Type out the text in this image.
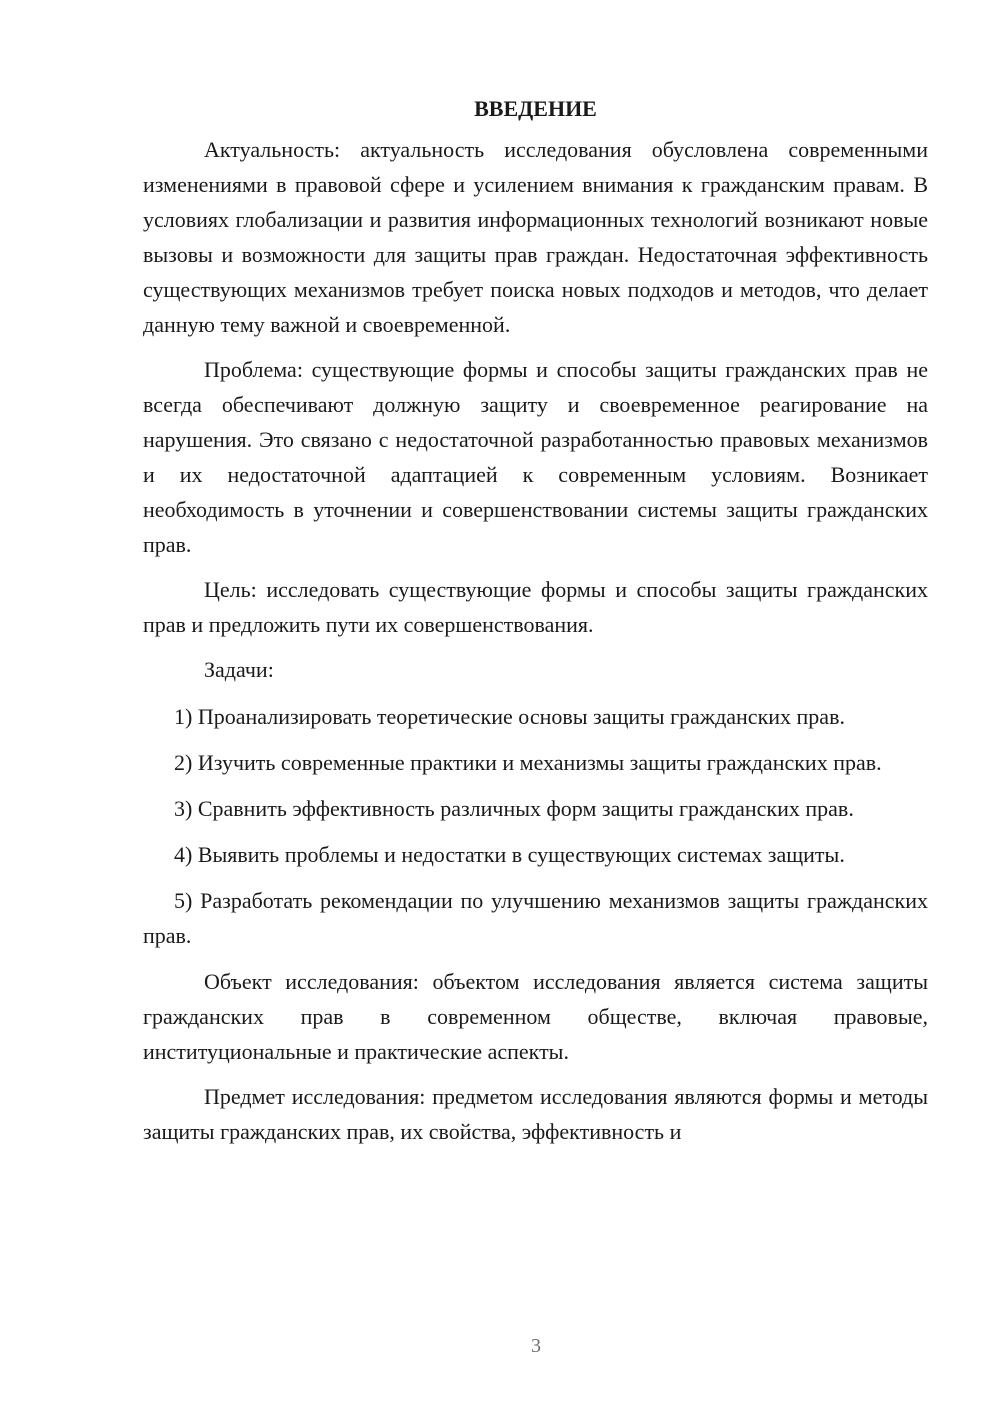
ВВЕДЕНИЕ

Актуальность: актуальность исследования обусловлена современными изменениями в правовой сфере и усилением внимания к гражданским правам. В условиях глобализации и развития информационных технологий возникают новые вызовы и возможности для защиты прав граждан. Недостаточная эффективность существующих механизмов требует поиска новых подходов и методов, что делает данную тему важной и своевременной.

Проблема: существующие формы и способы защиты гражданских прав не всегда обеспечивают должную защиту и своевременное реагирование на нарушения. Это связано с недостаточной разработанностью правовых механизмов и их недостаточной адаптацией к современным условиям. Возникает необходимость в уточнении и совершенствовании системы защиты гражданских прав.

Цель: исследовать существующие формы и способы защиты гражданских прав и предложить пути их совершенствования.

Задачи:

1) Проанализировать теоретические основы защиты гражданских прав.

2) Изучить современные практики и механизмы защиты гражданских прав.

3) Сравнить эффективность различных форм защиты гражданских прав.

4) Выявить проблемы и недостатки в существующих системах защиты.

5) Разработать рекомендации по улучшению механизмов защиты гражданских прав.

Объект исследования: объектом исследования является система защиты гражданских прав в современном обществе, включая правовые, институциональные и практические аспекты.

Предмет исследования: предметом исследования являются формы и методы защиты гражданских прав, их свойства, эффективность и

3
